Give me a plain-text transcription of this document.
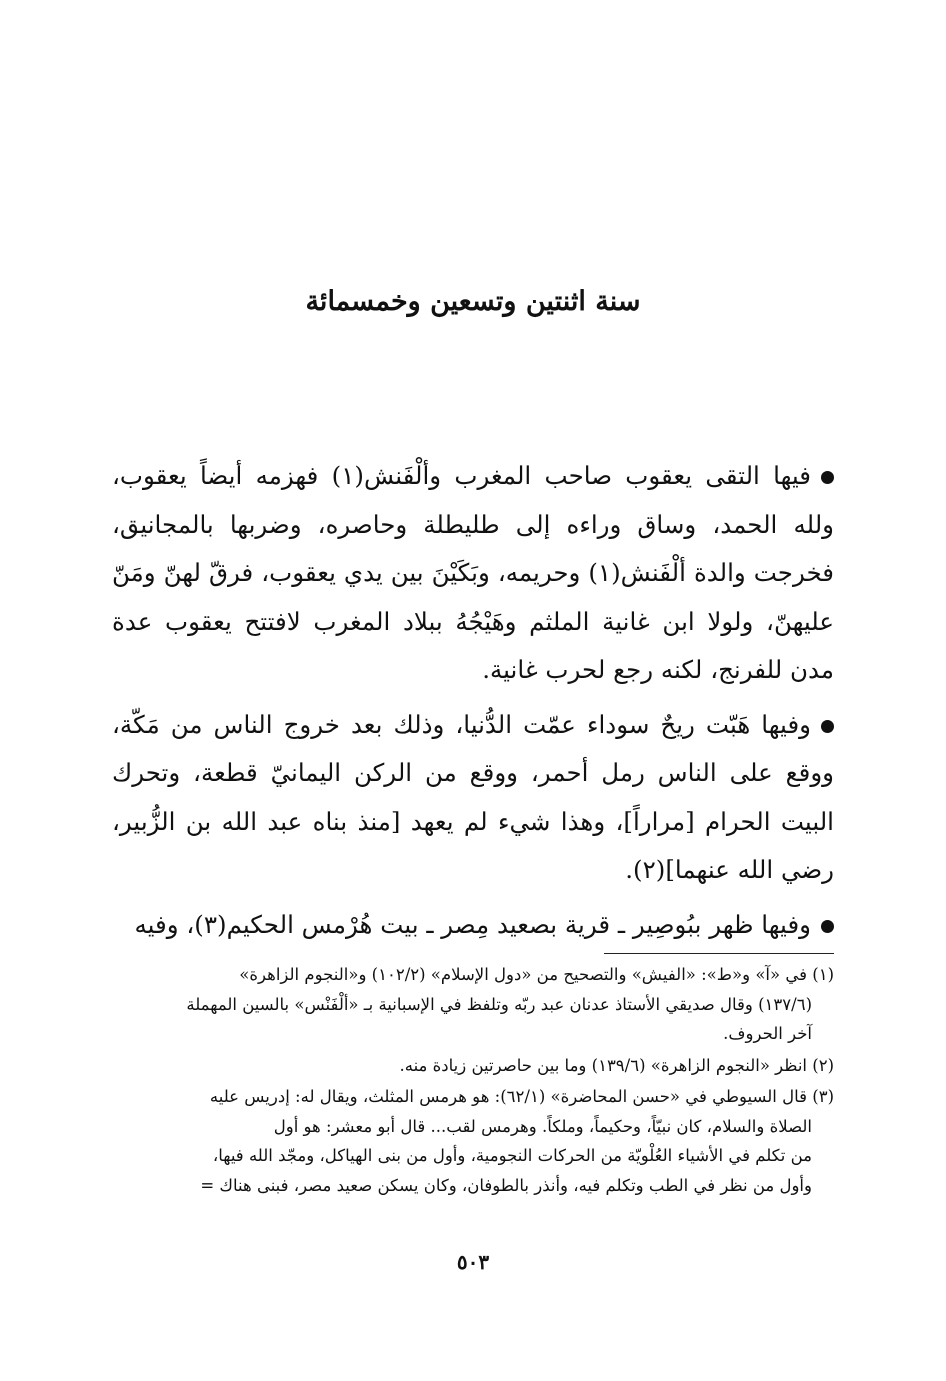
سنة اثنتين وتسعين وخمسمائة

فيها التقى يعقوب صاحب المغرب وألْفَنش(١) فهزمه أيضاً يعقوب، ولله الحمد، وساق وراءه إلى طليطلة وحاصره، وضربها بالمجانيق، فخرجت والدة ألْفَنش(١) وحريمه، وبَكَيْنَ بين يدي يعقوب، فرقّ لهنّ ومَنّ عليهنّ، ولولا ابن غانية الملثم وهَيْجُهُ ببلاد المغرب لافتتح يعقوب عدة مدن للفرنج، لكنه رجع لحرب غانية.

وفيها هَبّت ريحٌ سوداء عمّت الدُّنيا، وذلك بعد خروج الناس من مَكّة، ووقع على الناس رمل أحمر، ووقع من الركن اليمانيّ قطعة، وتحرك البيت الحرام [مراراً]، وهذا شيء لم يعهد [منذ بناه عبد الله بن الزُّبير، رضي الله عنهما](٢).

وفيها ظهر ببُوصِير ـ قرية بصعيد مِصر ـ بيت هُرْمس الحكيم(٣)، وفيه

(١) في «آ» و«ط»: «الفيش» والتصحيح من «دول الإسلام» (١٠٢/٢) و«النجوم الزاهرة»
(١٣٧/٦) وقال صديقي الأستاذ عدنان عبد ربّه وتلفظ في الإسبانية بـ «ألْفَنْس» بالسين المهملة
آخر الحروف.

(٢) انظر «النجوم الزاهرة» (١٣٩/٦) وما بين حاصرتين زيادة منه.

(٣) قال السيوطي في «حسن المحاضرة» (٦٢/١): هو هرمس المثلث، ويقال له: إدريس عليه
الصلاة والسلام، كان نبيّاً، وحكيماً، وملكاً. وهرمس لقب... قال أبو معشر: هو أول
من تكلم في الأشياء العُلْويّة من الحركات النجومية، وأول من بنى الهياكل، ومجّد الله فيها،
وأول من نظر في الطب وتكلم فيه، وأنذر بالطوفان، وكان يسكن صعيد مصر، فبنى هناك =

٥٠٣
